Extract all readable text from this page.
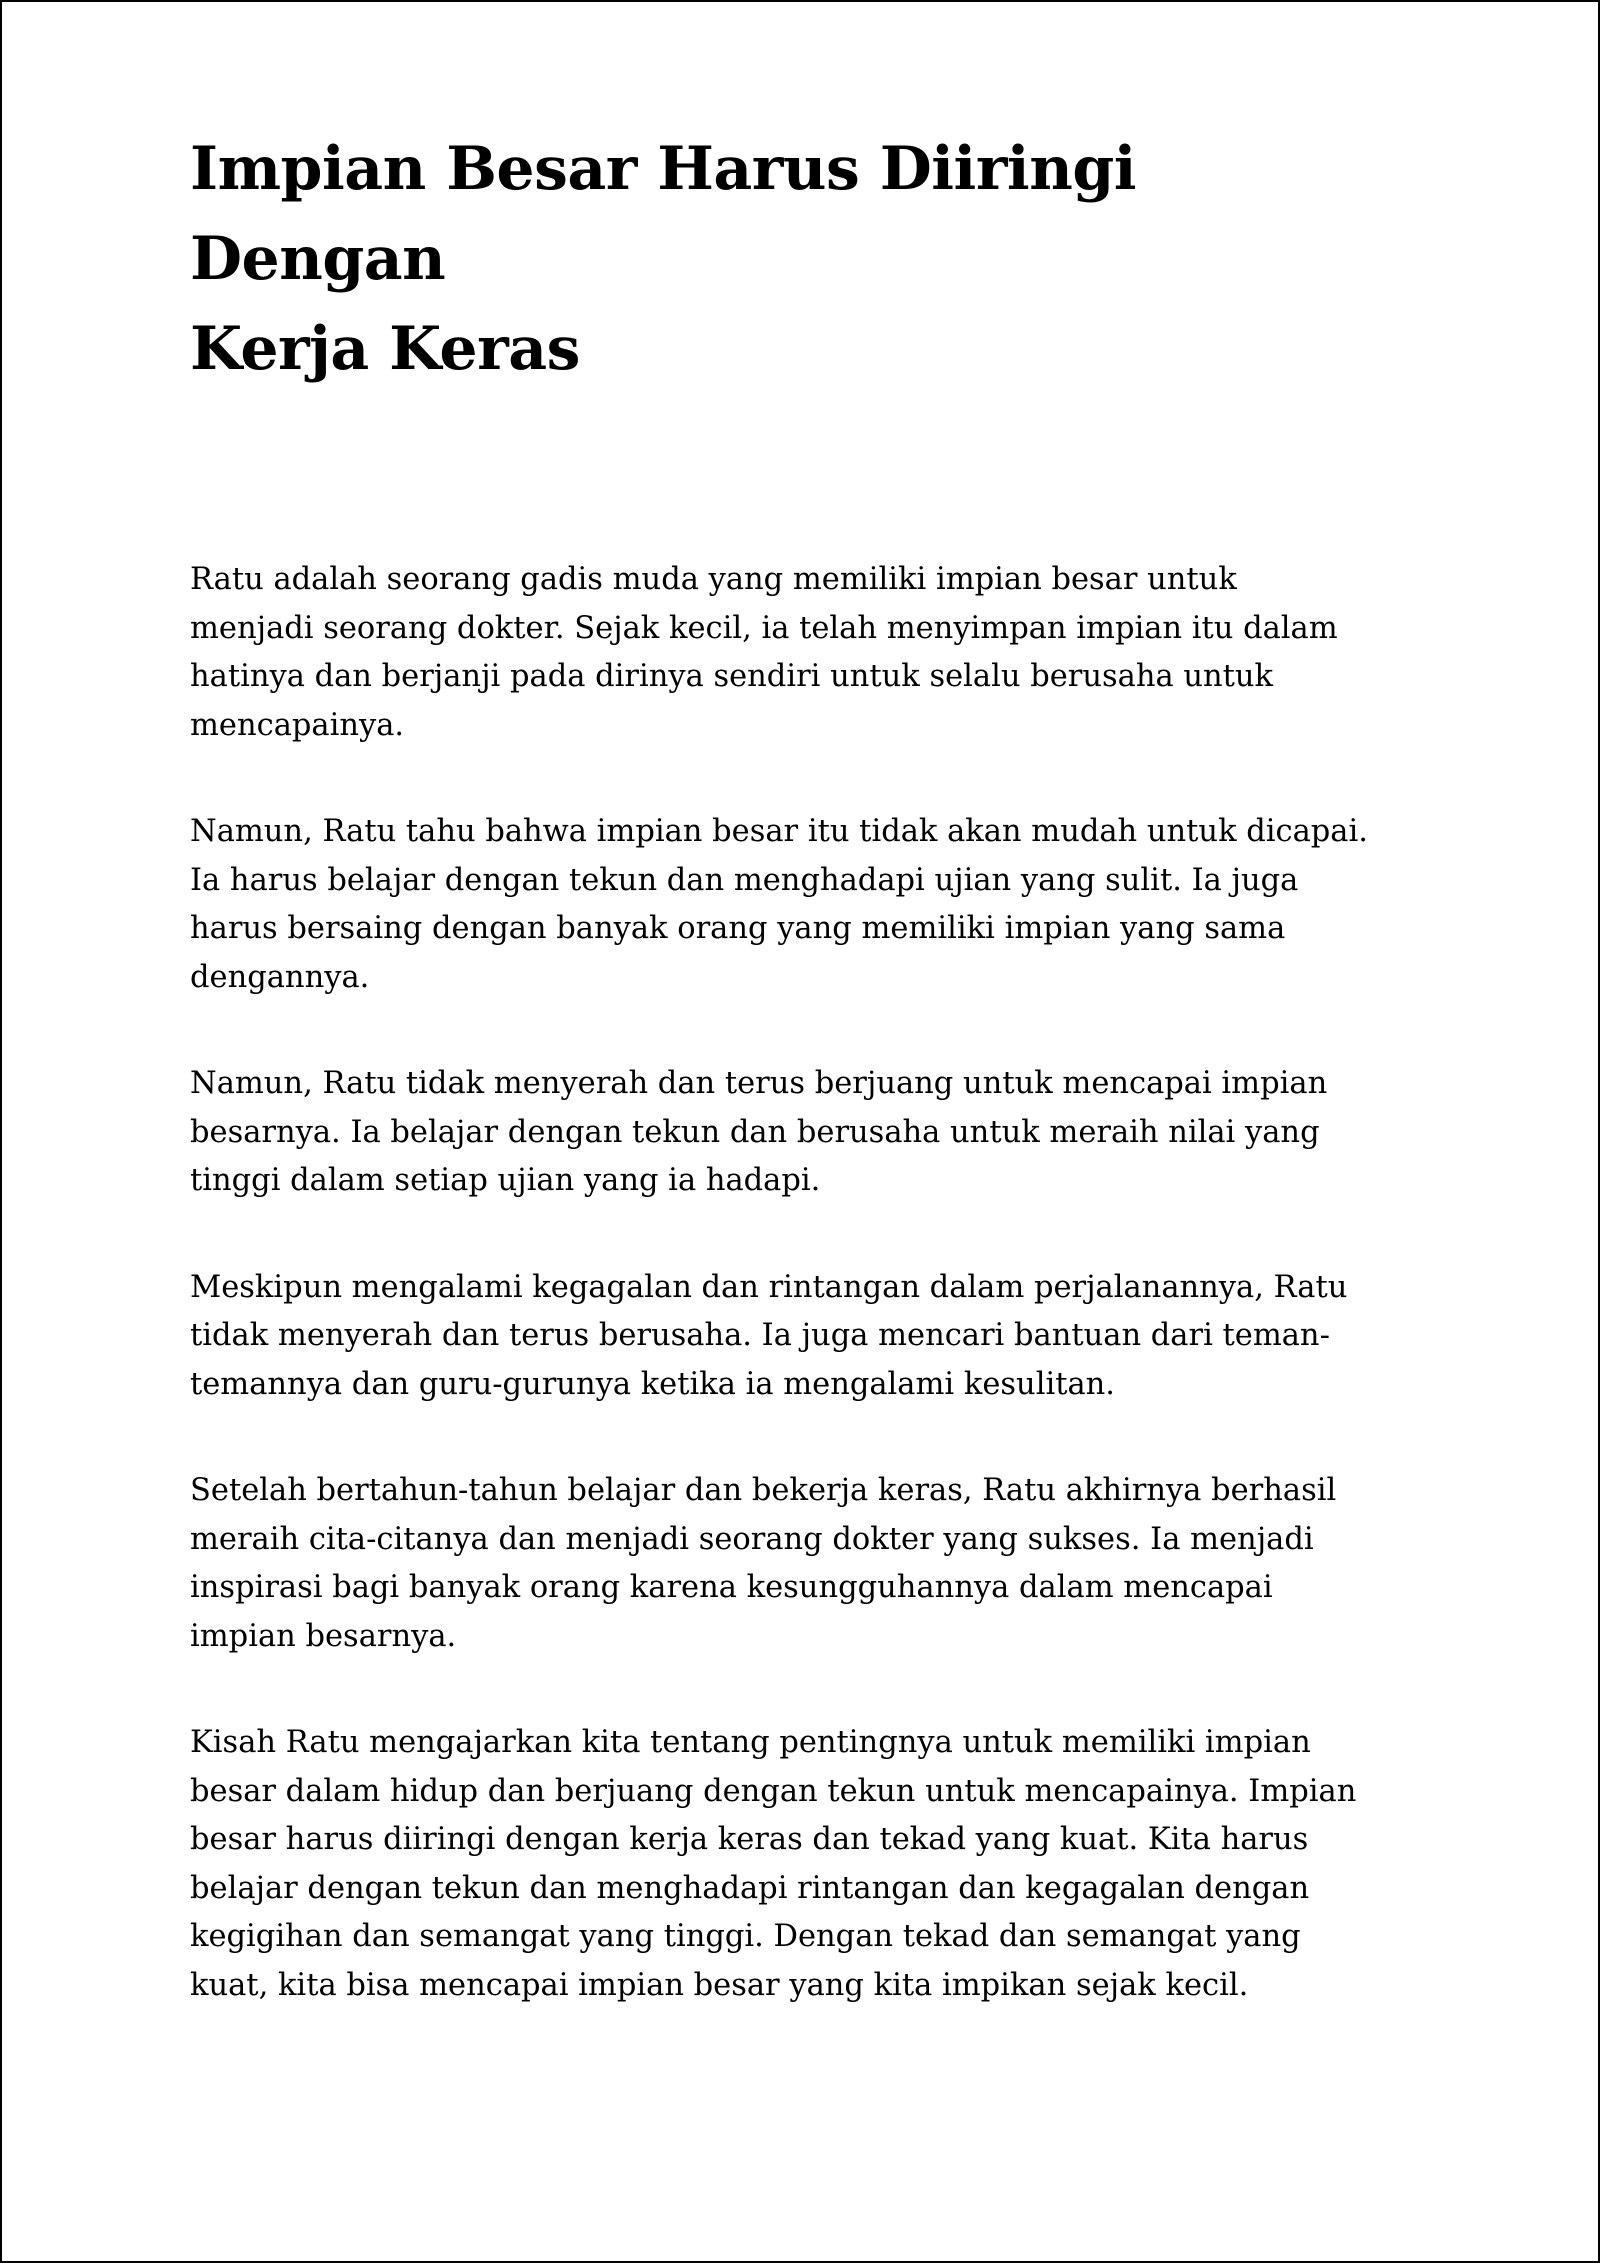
Impian Besar Harus Diiringi Dengan
Kerja Keras

Ratu adalah seorang gadis muda yang memiliki impian besar untuk
menjadi seorang dokter. Sejak kecil, ia telah menyimpan impian itu dalam
hatinya dan berjanji pada dirinya sendiri untuk selalu berusaha untuk
mencapainya.

Namun, Ratu tahu bahwa impian besar itu tidak akan mudah untuk dicapai.
Ia harus belajar dengan tekun dan menghadapi ujian yang sulit. Ia juga
harus bersaing dengan banyak orang yang memiliki impian yang sama
dengannya.

Namun, Ratu tidak menyerah dan terus berjuang untuk mencapai impian
besarnya. Ia belajar dengan tekun dan berusaha untuk meraih nilai yang
tinggi dalam setiap ujian yang ia hadapi.

Meskipun mengalami kegagalan dan rintangan dalam perjalanannya, Ratu
tidak menyerah dan terus berusaha. Ia juga mencari bantuan dari teman-
temannya dan guru-gurunya ketika ia mengalami kesulitan.

Setelah bertahun-tahun belajar dan bekerja keras, Ratu akhirnya berhasil
meraih cita-citanya dan menjadi seorang dokter yang sukses. Ia menjadi
inspirasi bagi banyak orang karena kesungguhannya dalam mencapai
impian besarnya.

Kisah Ratu mengajarkan kita tentang pentingnya untuk memiliki impian
besar dalam hidup dan berjuang dengan tekun untuk mencapainya. Impian
besar harus diiringi dengan kerja keras dan tekad yang kuat. Kita harus
belajar dengan tekun dan menghadapi rintangan dan kegagalan dengan
kegigihan dan semangat yang tinggi. Dengan tekad dan semangat yang
kuat, kita bisa mencapai impian besar yang kita impikan sejak kecil.
